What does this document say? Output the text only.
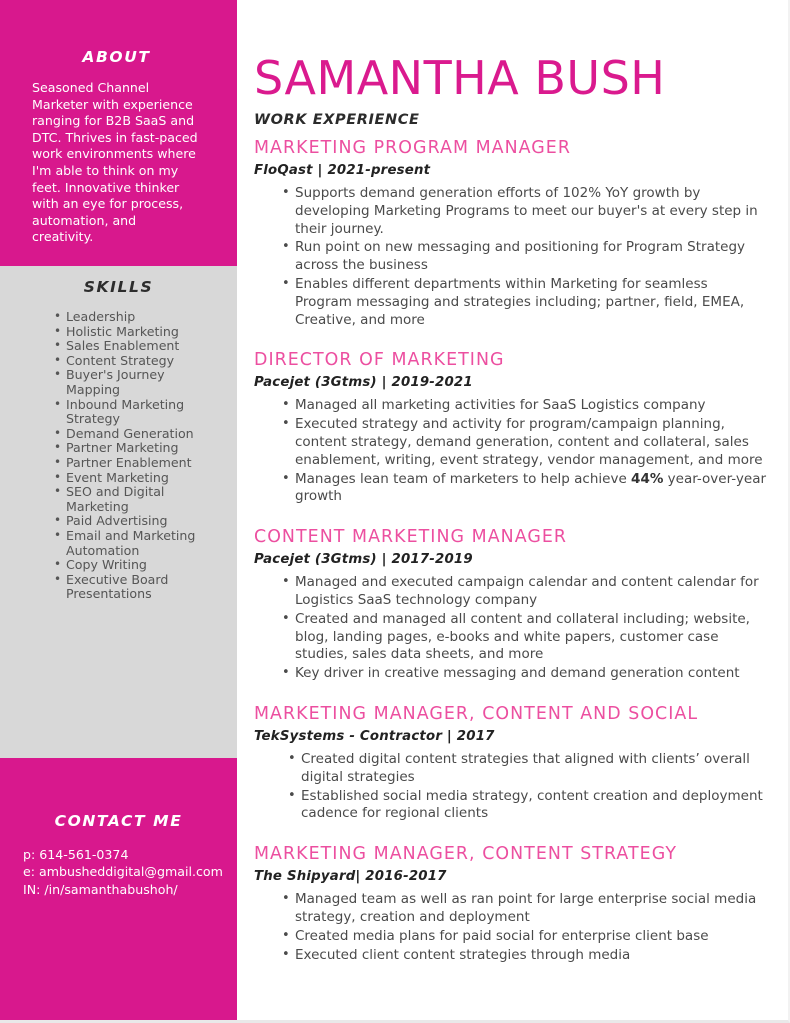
ABOUT

Seasoned Channel Marketer with experience ranging for B2B SaaS and DTC. Thrives in fast-paced work environments where I'm able to think on my feet. Innovative thinker with an eye for process, automation, and creativity.

SKILLS
• Leadership
• Holistic Marketing
• Sales Enablement
• Content Strategy
• Buyer's Journey Mapping
• Inbound Marketing Strategy
• Demand Generation
• Partner Marketing
• Partner Enablement
• Event Marketing
• SEO and Digital Marketing
• Paid Advertising
• Email and Marketing Automation
• Copy Writing
• Executive Board Presentations
CONTACT ME
p: 614-561-0374
e: ambusheddigital@gmail.com
IN: /in/samanthabushoh/
SAMANTHA BUSH
WORK EXPERIENCE
MARKETING PROGRAM MANAGER
FloQast | 2021-present
• Supports demand generation efforts of 102% YoY growth by developing Marketing Programs to meet our buyer's at every step in their journey.
• Run point on new messaging and positioning for Program Strategy across the business
• Enables different departments within Marketing for seamless Program messaging and strategies including; partner, field, EMEA, Creative, and more
DIRECTOR OF MARKETING
Pacejet (3Gtms) | 2019-2021
• Managed all marketing activities for SaaS Logistics company
• Executed strategy and activity for program/campaign planning, content strategy, demand generation, content and collateral, sales enablement, writing, event strategy, vendor management, and more
• Manages lean team of marketers to help achieve 44% year-over-year growth
CONTENT MARKETING MANAGER
Pacejet (3Gtms) | 2017-2019
• Managed and executed campaign calendar and content calendar for Logistics SaaS technology company
• Created and managed all content and collateral including; website, blog, landing pages, e-books and white papers, customer case studies, sales data sheets, and more
• Key driver in creative messaging and demand generation content
MARKETING MANAGER, CONTENT AND SOCIAL
TekSystems - Contractor | 2017
• Created digital content strategies that aligned with clients’ overall digital strategies
• Established social media strategy, content creation and deployment cadence for regional clients
MARKETING MANAGER, CONTENT STRATEGY
The Shipyard| 2016-2017
• Managed team as well as ran point for large enterprise social media strategy, creation and deployment
• Created media plans for paid social for enterprise client base
• Executed client content strategies through media
